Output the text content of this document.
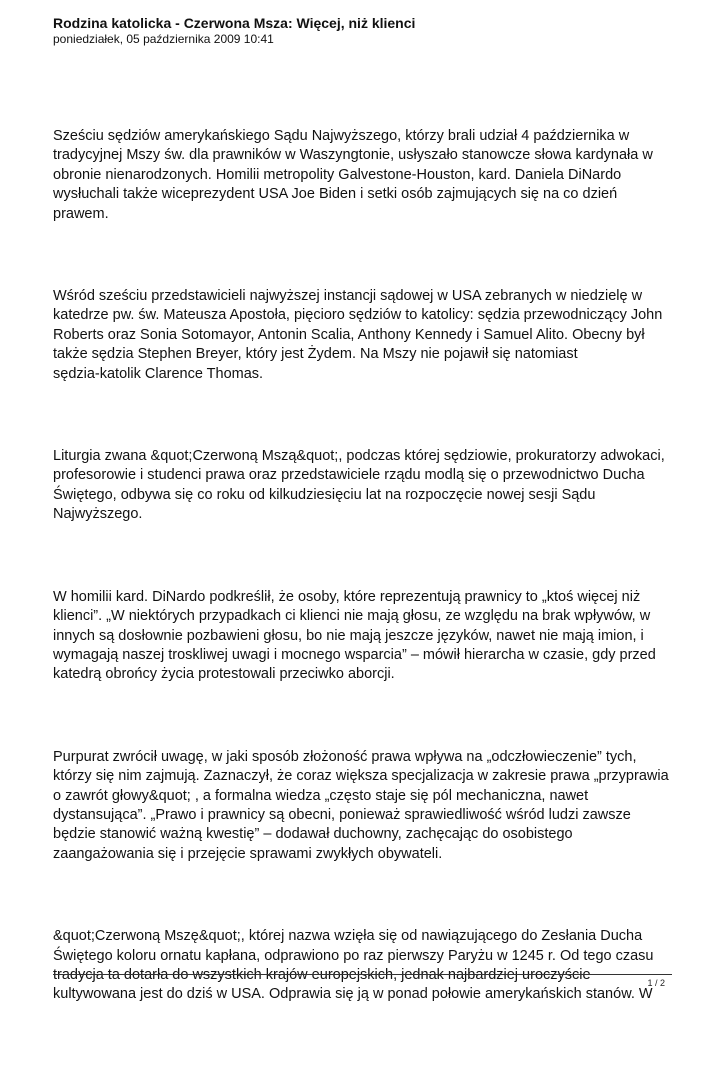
Rodzina katolicka - Czerwona Msza: Więcej, niż klienci

poniedziałek, 05 października 2009 10:41

Sześciu sędziów amerykańskiego Sądu Najwyższego, którzy brali udział 4 października w
tradycyjnej Mszy św. dla prawników w Waszyngtonie, usłyszało stanowcze słowa kardynała w
obronie nienarodzonych. Homilii metropolity Galvestone-Houston, kard. Daniela DiNardo
wysłuchali także wiceprezydent USA Joe Biden i setki osób zajmujących się na co dzień
prawem.

Wśród sześciu przedstawicieli najwyższej instancji sądowej w USA zebranych w niedzielę w
katedrze pw. św. Mateusza Apostoła, pięcioro sędziów to katolicy: sędzia przewodniczący John
Roberts oraz Sonia Sotomayor, Antonin Scalia, Anthony Kennedy i Samuel Alito. Obecny był
także sędzia Stephen Breyer, który jest Żydem. Na Mszy nie pojawił się natomiast
sędzia-katolik Clarence Thomas.

Liturgia zwana &quot;Czerwoną Mszą&quot;, podczas której sędziowie, prokuratorzy adwokaci,
profesorowie i studenci prawa oraz przedstawiciele rządu modlą się o przewodnictwo Ducha
Świętego, odbywa się co roku od kilkudziesięciu lat na rozpoczęcie nowej sesji Sądu
Najwyższego.

W homilii kard. DiNardo podkreślił, że osoby, które reprezentują prawnicy to „ktoś więcej niż
klienci”. „W niektórych przypadkach ci klienci nie mają głosu, ze względu na brak wpływów, w
innych są dosłownie pozbawieni głosu, bo nie mają jeszcze języków, nawet nie mają imion, i
wymagają naszej troskliwej uwagi i mocnego wsparcia” – mówił hierarcha w czasie, gdy przed
katedrą obrońcy życia protestowali przeciwko aborcji.

Purpurat zwrócił uwagę, w jaki sposób złożoność prawa wpływa na „odczłowieczenie” tych,
którzy się nim zajmują. Zaznaczył, że coraz większa specjalizacja w zakresie prawa „przyprawia
o zawrót głowy&quot; , a formalna wiedza „często staje się pól mechaniczna, nawet
dystansująca”. „Prawo i prawnicy są obecni, ponieważ sprawiedliwość wśród ludzi zawsze
będzie stanowić ważną kwestię” – dodawał duchowny, zachęcając do osobistego
zaangażowania się i przejęcie sprawami zwykłych obywateli.

&quot;Czerwoną Mszę&quot;, której nazwa wzięła się od nawiązującego do Zesłania Ducha
Świętego koloru ornatu kapłana, odprawiono po raz pierwszy Paryżu w 1245 r. Od tego czasu
tradycja ta dotarła do wszystkich krajów europejskich, jednak najbardziej uroczyście
kultywowana jest do dziś w USA. Odprawia się ją w ponad połowie amerykańskich stanów. W

1 / 2
